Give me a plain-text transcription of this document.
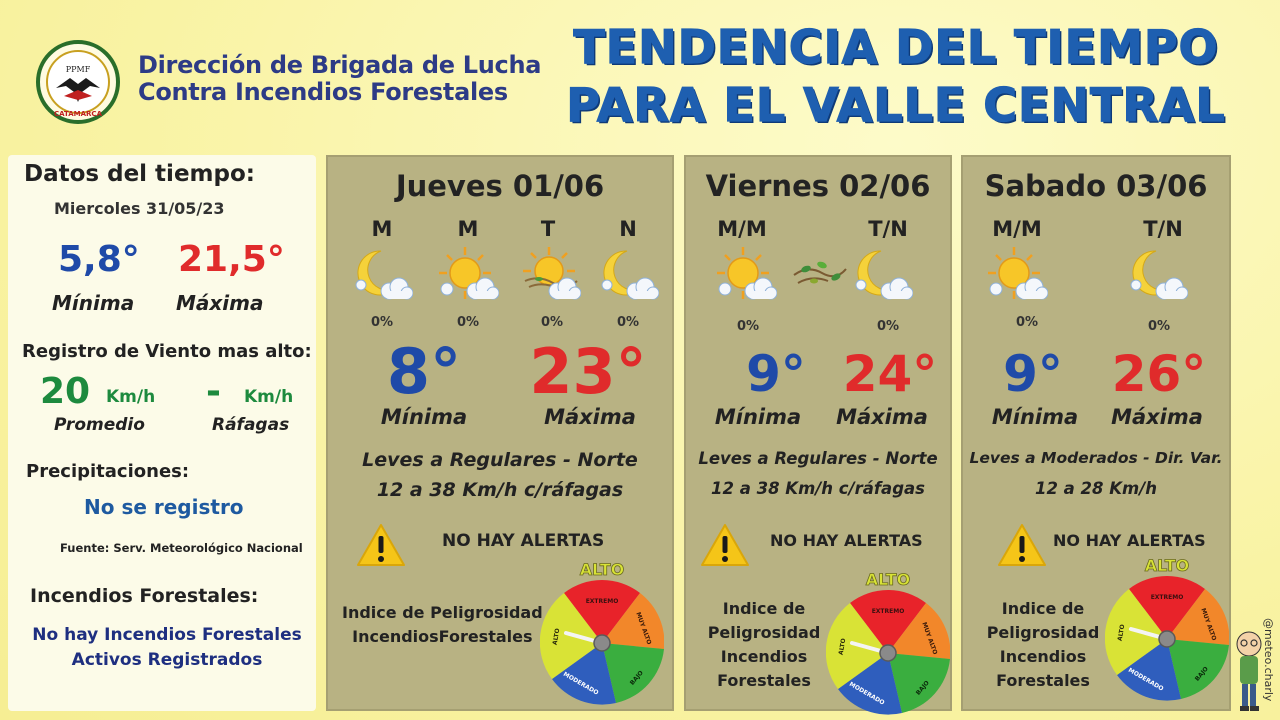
PPMF
CATAMARCA
Dirección de Brigada de Lucha
Contra Incendios Forestales
TENDENCIA DEL TIEMPO
PARA EL VALLE CENTRAL
Datos del tiempo:
Miercoles 31/05/23
5,8° 21,5°
Mínima Máxima
Registro de Viento mas alto:
20 Km/h - Km/h
Promedio	Ráfagas
Precipitaciones:
No se registro
Fuente: Serv. Meteorológico Nacional
Incendios Forestales:
No hay Incendios Forestales
Activos Registrados
Jueves 01/06
M	M	T	N
0%	0%	0%	0%
8° 23°
Mínima	Máxima
Leves a Regulares - Norte
12 a 38 Km/h c/ráfagas
NO HAY ALERTAS
Indice de Peligrosidad
IncendiosForestales
Viernes 02/06
M/M	T/N
0%	0%
9° 24°
Mínima Máxima
Leves a Regulares - Norte
12 a 38 Km/h c/ráfagas
NO HAY ALERTAS
Indice de
Peligrosidad
Incendios
Forestales
Sabado 03/06
M/M	T/N
0%	0%
9° 26°
Mínima Máxima
Leves a Moderados - Dir. Var.
12 a 28 Km/h
NO HAY ALERTAS
Indice de
Peligrosidad
Incendios
Forestales	@meteo.charly
